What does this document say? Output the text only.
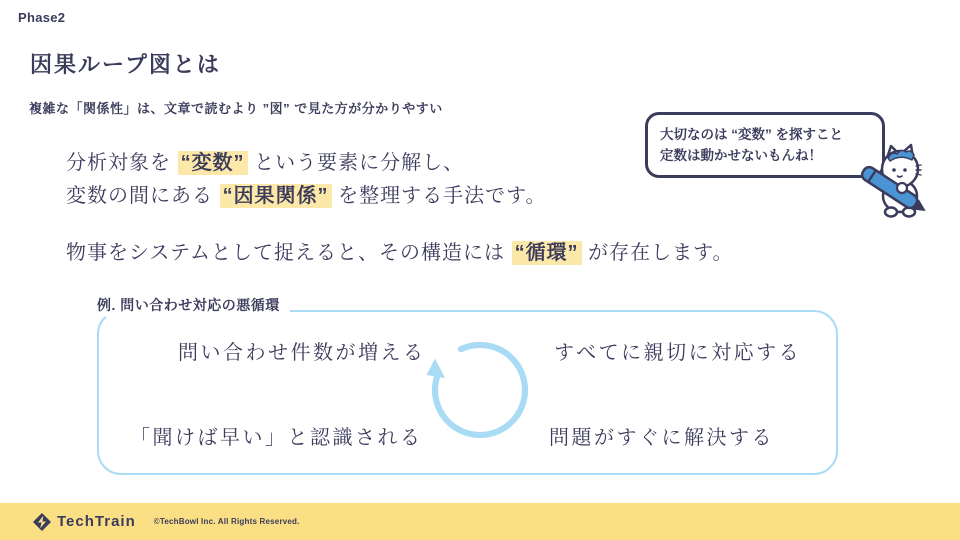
Phase2
因果ループ図とは
複雑な「関係性」は、文章で読むより ”図” で見た方が分かりやすい
分析対象を “変数” という要素に分解し、
変数の間にある “因果関係” を整理する手法です。
物事をシステムとして捉えると、その構造には “循環” が存在します。

大切なのは “変数” を探すこと

定数は動かせないもんね！

例. 問い合わせ対応の悪循環
問い合わせ件数が増える	すべてに親切に対応する
「聞けば早い」と認識される	問題がすぐに解決する
TechTrain ©TechBowl Inc. All Rights Reserved.
